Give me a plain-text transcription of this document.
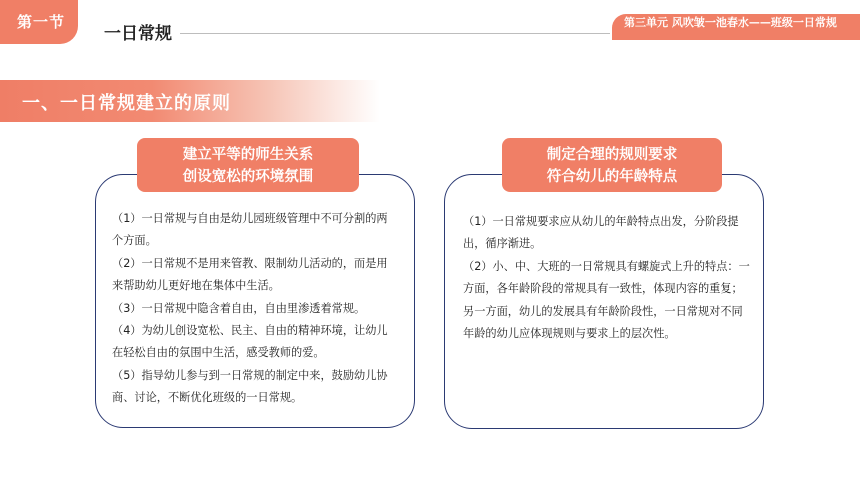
第一节
一日常规
第三单元 风吹皱一池春水——班级一日常规
一、一日常规建立的原则
建立平等的师生关系
创设宽松的环境氛围
制定合理的规则要求
符合幼儿的年龄特点

（1）一日常规与自由是幼儿园班级管理中不可分割的两个方面。

（2）一日常规不是用来管教、限制幼儿活动的，而是用来帮助幼儿更好地在集体中生活。

（3）一日常规中隐含着自由，自由里渗透着常规。

（4）为幼儿创设宽松、民主、自由的精神环境，让幼儿在轻松自由的氛围中生活，感受教师的爱。

（5）指导幼儿参与到一日常规的制定中来，鼓励幼儿协商、讨论，不断优化班级的一日常规。

（1）一日常规要求应从幼儿的年龄特点出发，分阶段提出，循序渐进。

（2）小、中、大班的一日常规具有螺旋式上升的特点：一方面，各年龄阶段的常规具有一致性，体现内容的重复；另一方面，幼儿的发展具有年龄阶段性，一日常规对不同年龄的幼儿应体现规则与要求上的层次性。
